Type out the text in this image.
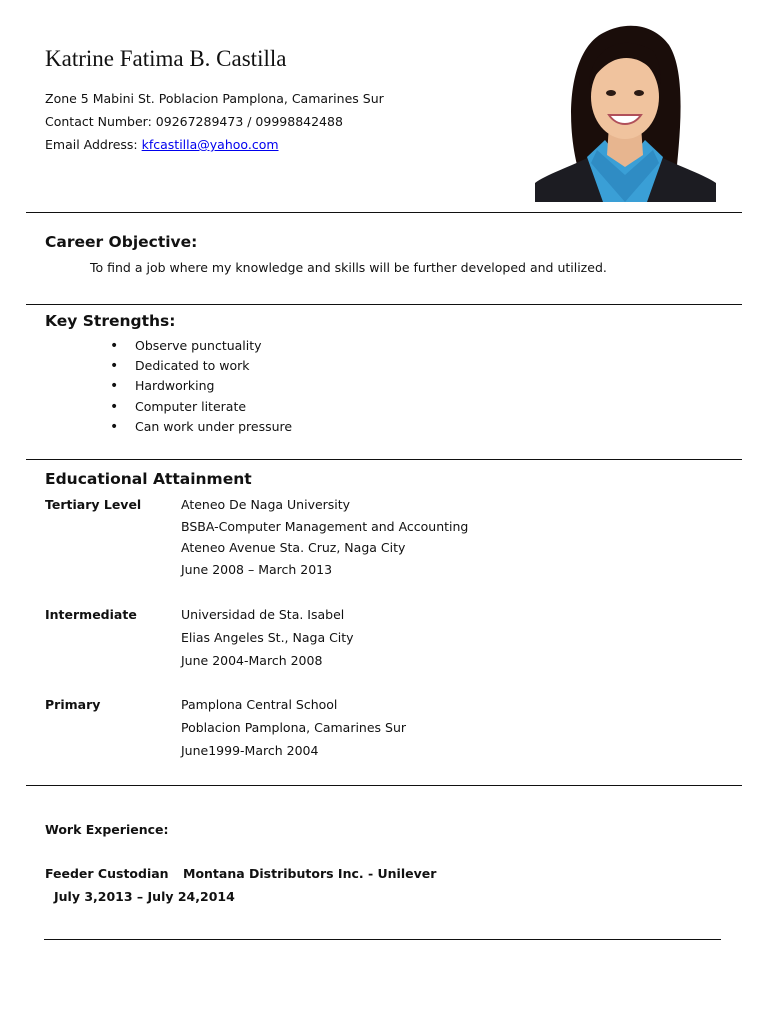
Katrine Fatima B. Castilla
Zone 5 Mabini St. Poblacion Pamplona, Camarines Sur
Contact Number: 09267289473 / 09998842488
Email Address: kfcastilla@yahoo.com
Career Objective:
To find a job where my knowledge and skills will be further developed and utilized.
Key Strengths:
• Observe punctuality
• Dedicated to work
• Hardworking
• Computer literate
• Can work under pressure
Educational Attainment
Tertiary Level	Ateneo De Naga University
BSBA-Computer Management and Accounting
Ateneo Avenue Sta. Cruz, Naga City
June 2008 – March 2013
Intermediate	Universidad de Sta. Isabel
Elias Angeles St., Naga City
June 2004-March 2008
Primary	Pamplona Central School
Poblacion Pamplona, Camarines Sur
June1999-March 2004
Work Experience:
Feeder Custodian Montana Distributors Inc. - Unilever
July 3,2013 – July 24,2014
